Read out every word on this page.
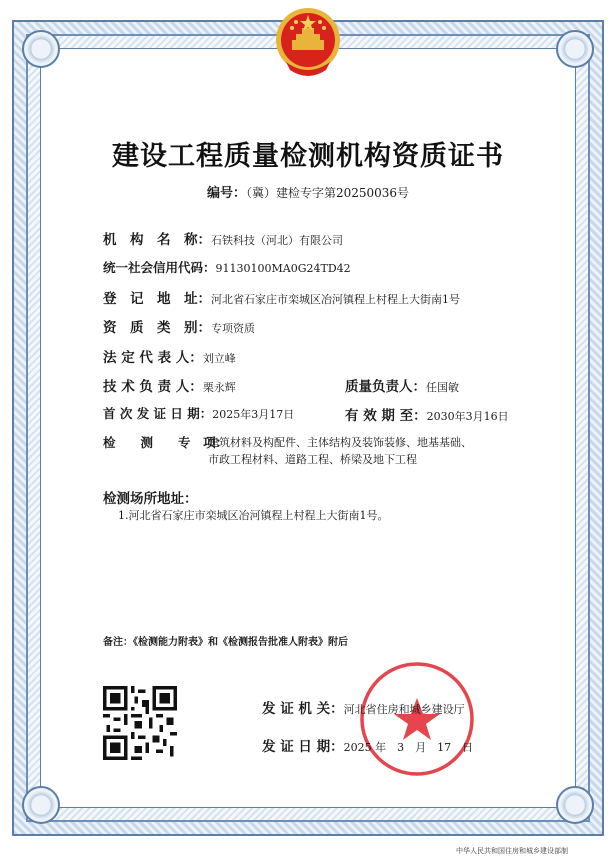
建设工程质量检测机构资质证书
编号：（冀）建检专字第20250036号
机　构　名　称：石铁科技（河北）有限公司
统一社会信用代码：91130100MA0G24TD42
登　记　地　址：河北省石家庄市栾城区冶河镇程上村程上大街南1号
资　质　类　别：专项资质
法 定 代 表 人：刘立峰
技 术 负 责 人：栗永辉	质量负责人：任国敏
首 次 发 证 日 期：2025年3月17日	有 效 期 至：2030年3月16日
检　　测　　专　项：
建筑材料及构配件、主体结构及装饰装修、地基基础、
市政工程材料、道路工程、桥梁及地下工程
检测场所地址：
1.河北省石家庄市栾城区冶河镇程上村程上大街南1号。
备注：《检测能力附表》和《检测报告批准人附表》附后
发 证 机 关：河北省住房和城乡建设厅
发 证 日 期：2025 年　3　月　17　日
中华人民共和国住房和城乡建设部制
